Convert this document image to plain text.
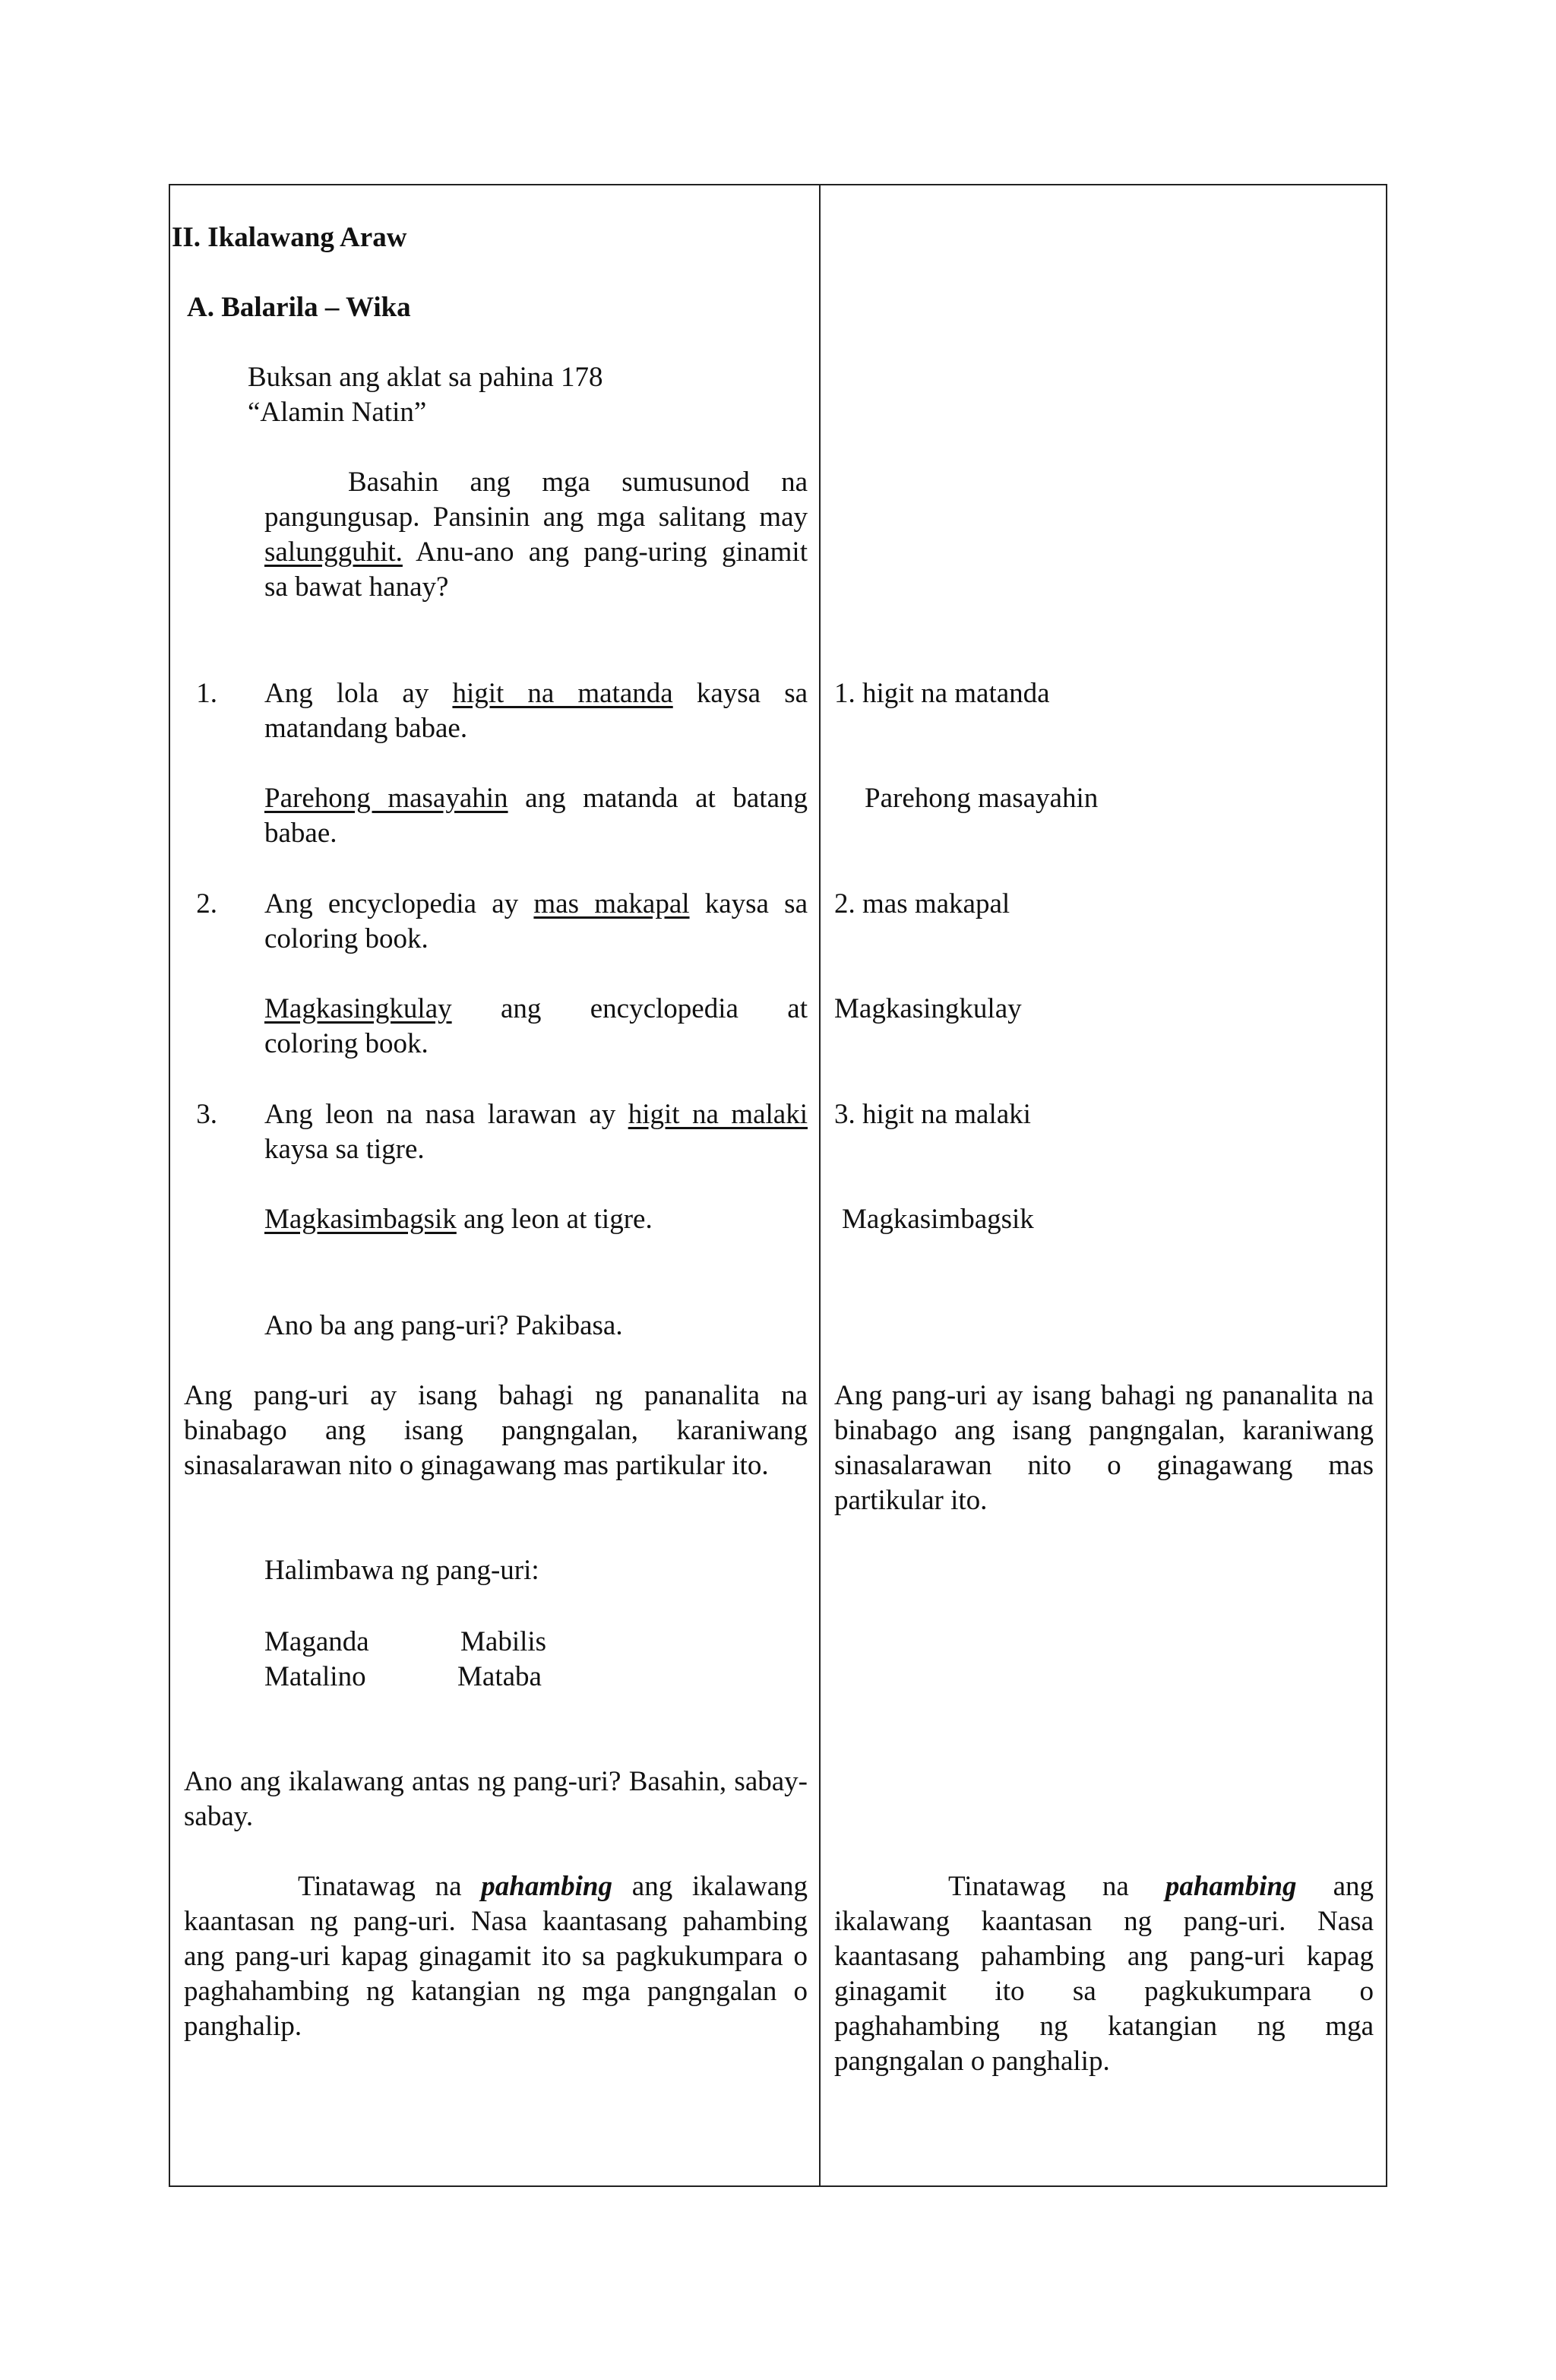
II. Ikalawang Araw
A. Balarila – Wika
Buksan ang aklat sa pahina 178
“Alamin Natin”
Basahin ang mga sumusunod na pangungusap. Pansinin ang mga salitang may salungguhit. Anu-ano ang pang-uring ginamit sa bawat hanay?
1. Ang lola ay higit na matanda kaysa sa matandang babae.
Parehong masayahin ang matanda at batang babae.
1. higit na matanda
Parehong masayahin
2. Ang encyclopedia ay mas makapal kaysa sa coloring book.
Magkasingkulay ang encyclopedia at
coloring book.
2. mas makapal
Magkasingkulay
3. Ang leon na nasa larawan ay higit na malaki kaysa sa tigre.
Magkasimbagsik ang leon at tigre.
3. higit na malaki
Magkasimbagsik
Ano ba ang pang-uri? Pakibasa.
Ang pang-uri ay isang bahagi ng pananalita na binabago ang isang pangngalan, karaniwang sinasalarawan nito o ginagawang mas partikular ito.
Ang pang-uri ay isang bahagi ng pananalita na binabago ang isang pangngalan, karaniwang sinasalarawan nito o ginagawang mas partikular ito.
Halimbawa ng pang-uri:
Maganda	Mabilis
Matalino	Mataba
Ano ang ikalawang antas ng pang-uri? Basahin, sabay-sabay.
Tinatawag na pahambing ang ikalawang kaantasan ng pang-uri. Nasa kaantasang pahambing ang pang-uri kapag ginagamit ito sa pagkukumpara o paghahambing ng katangian ng mga pangngalan o panghalip.
Tinatawag na pahambing ang ikalawang kaantasan ng pang-uri. Nasa kaantasang pahambing ang pang-uri kapag ginagamit ito sa pagkukumpara o paghahambing ng katangian ng mga pangngalan o panghalip.
